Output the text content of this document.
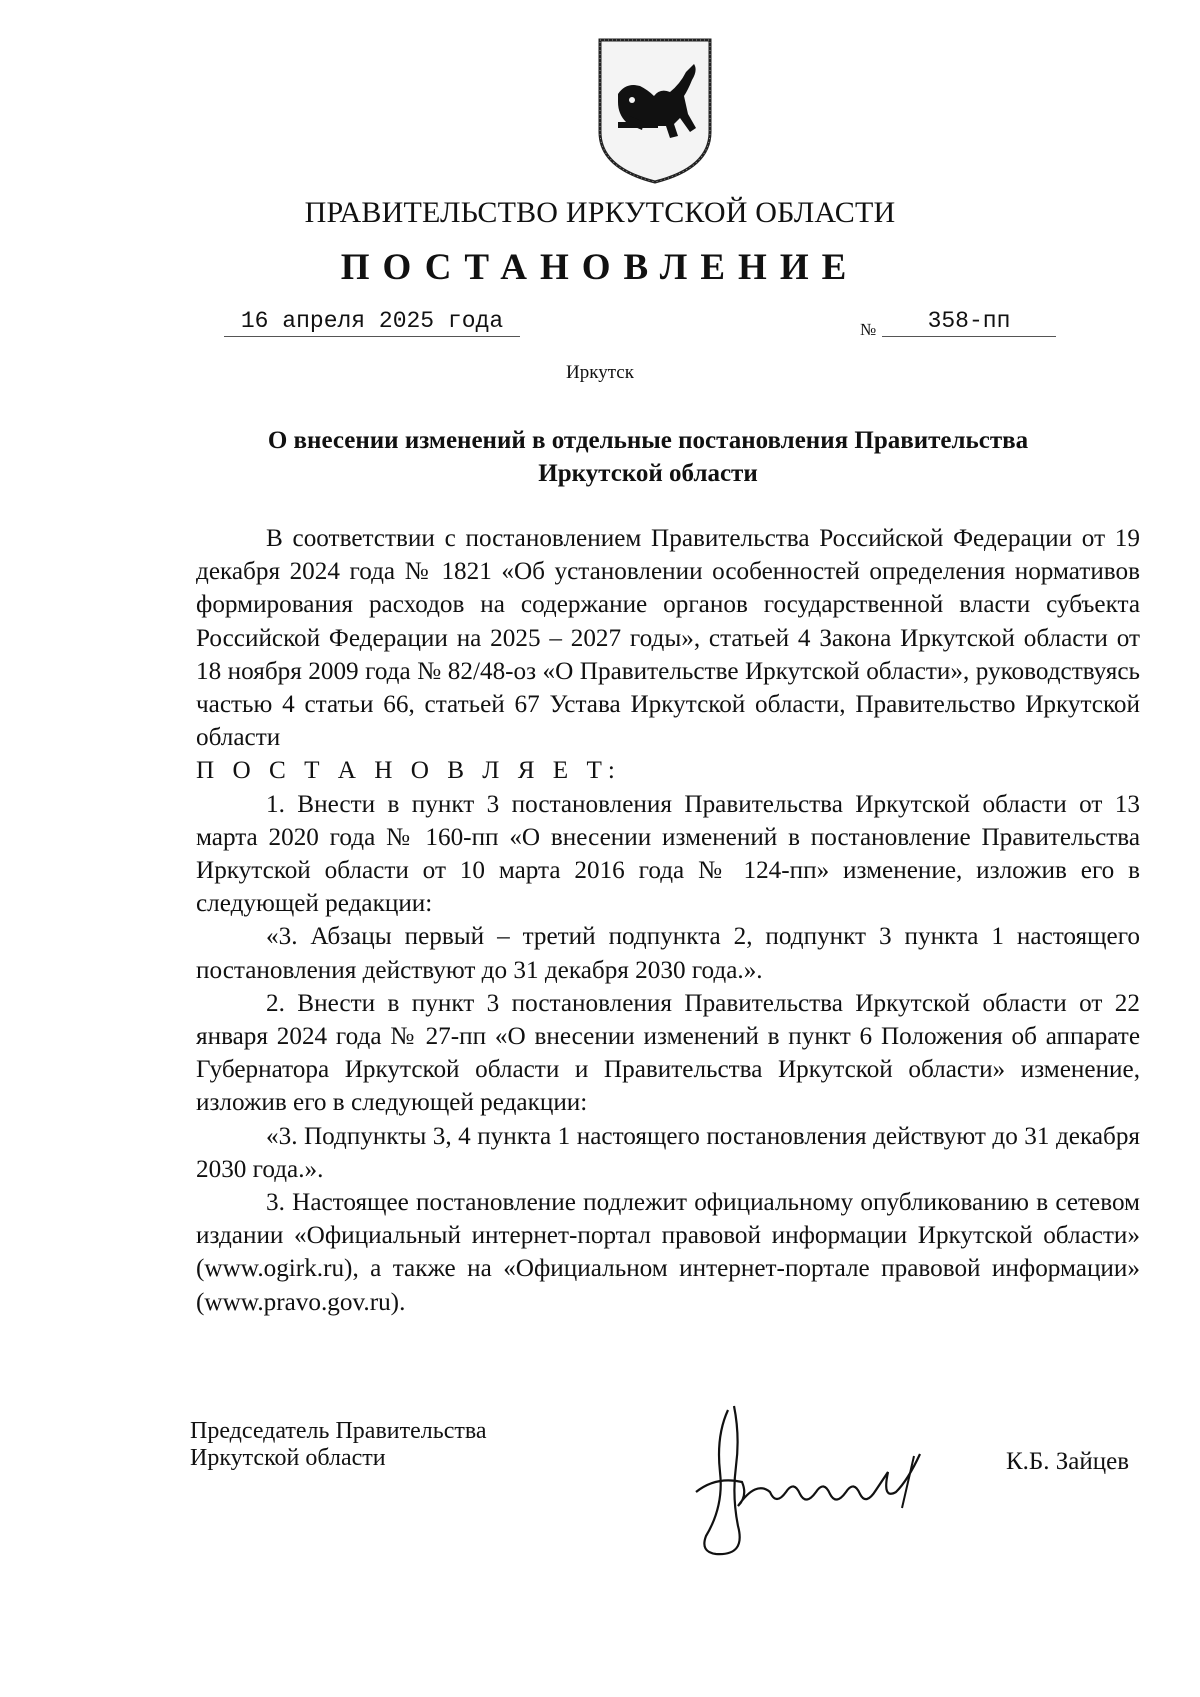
ПРАВИТЕЛЬСТВО ИРКУТСКОЙ ОБЛАСТИ
ПОСТАНОВЛЕНИЕ
16 апреля 2025 года	№	358-пп
Иркутск
О внесении изменений в отдельные постановления Правительства
Иркутской области

В соответствии с постановлением Правительства Российской Федерации от 19 декабря 2024 года № 1821 «Об установлении особенностей определения нормативов формирования расходов на содержание органов государственной власти субъекта Российской Федерации на 2025 – 2027 годы», статьей 4 Закона Иркутской области от 18 ноября 2009 года № 82/48-оз «О Правительстве Иркутской области», руководствуясь частью 4 статьи 66, статьей 67 Устава Иркутской области, Правительство Иркутской области

П О С Т А Н О В Л Я Е Т:

1. Внести в пункт 3 постановления Правительства Иркутской области от 13 марта 2020 года № 160-пп «О внесении изменений в постановление Правительства Иркутской области от 10 марта 2016 года № 124-пп» изменение, изложив его в следующей редакции:

«3. Абзацы первый – третий подпункта 2, подпункт 3 пункта 1 настоящего постановления действуют до 31 декабря 2030 года.».

2. Внести в пункт 3 постановления Правительства Иркутской области от 22 января 2024 года № 27-пп «О внесении изменений в пункт 6 Положения об аппарате Губернатора Иркутской области и Правительства Иркутской области» изменение, изложив его в следующей редакции:

«3. Подпункты 3, 4 пункта 1 настоящего постановления действуют до 31 декабря 2030 года.».

3. Настоящее постановление подлежит официальному опубликованию в сетевом издании «Официальный интернет-портал правовой информации Иркутской области» (www.ogirk.ru), а также на «Официальном интернет-портале правовой информации» (www.pravo.gov.ru).

Председатель Правительства
Иркутской области	К.Б. Зайцев
